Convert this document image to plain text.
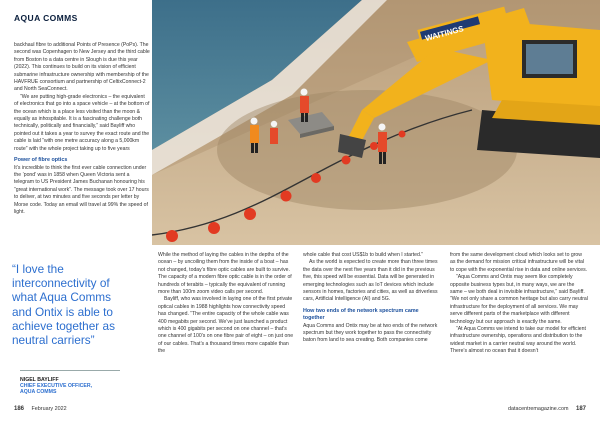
AQUA COMMS

backhaul fibre to additional Points of Presence (PoPs). The second was Copenhagen to New Jersey and the third cable from Boston to a data centre in Slough is due this year (2022). This continues to build on its vision of efficient submarine infrastructure ownership with membership of the HAVFRUE consortium and partnership of CeltixConnect-2 and North SeaConnect.

“We are putting high-grade electronics – the equivalent of electronics that go into a space vehicle – at the bottom of the ocean which is a place less visited than the moon & equally as inhospitable. It is a fascinating challenge both technically, politically and financially,” said Bayliff who pointed out it takes a year to survey the exact route and the cable is laid “with one metre accuracy along a 5,000km route” with the whole project taking up to five years

Power of fibre optics

It’s incredible to think the first ever cable connection under the ‘pond’ was in 1858 when Queen Victoria sent a telegram to US President James Buchanan honouring his “great international work”. The message took over 17 hours to deliver, at two minutes and five seconds per letter by Morse code. Today an email will travel at 99% the speed of light.

“I love the interconnectivity of what Aqua Comms and Ontix is able to achieve together as neutral carriers”
NIGEL BAYLIFF
CHIEF EXECUTIVE OFFICER,
AQUA COMMS
WAITINGS

While the method of laying the cables in the depths of the ocean – by uncoiling them from the inside of a boat – has not changed, today’s fibre optic cables are built to survive. The capacity of a modern fibre optic cable is in the order of hundreds of terabits – typically the equivalent of running more than 100m zoom video calls per second.

Bayliff, who was involved in laying one of the first private optical cables in 1988 highlights how connectivity speed has changed. “The entire capacity of the whole cable was 400 megabits per second. We’ve just launched a product which is 400 gigabits per second on one channel – that’s one channel of 100’s on one fibre pair of eight – on just one of our cables. That’s a thousand times more capable than the

whole cable that cost US$1b to build when I started.”

As the world is expected to create more than three times the data over the next five years than it did in the previous five, this speed will be essential. Data will be generated in emerging technologies such as IoT devices which include sensors in homes, factories and cities, as well as driverless cars, Artificial Intelligence (AI) and 5G.

How two ends of the network spectrum came together

Aqua Comms and Ontix may be at two ends of the network spectrum but they work together to pass the connectivity baton from land to sea creating. Both companies come

from the same development cloud which looks set to grow as the demand for mission critical infrastructure will be vital to cope with the exponential rise in data and online services.

“Aqua Comms and Ontix may seem like completely opposite business types but, in many ways, we are the same – we both deal in invisible infrastructure,” said Bayliff. “We not only share a common heritage but also carry neutral infrastructure for the deployment of all services. We may serve different parts of the marketplace with different technology but our approach is exactly the same.

“At Aqua Comms we intend to take our model for efficient infrastructure ownership, operations and distribution to the widest market in a carrier neutral way around the world. There’s almost no ocean that it doesn’t

186 February 2022	datacentremagazine.com 187
